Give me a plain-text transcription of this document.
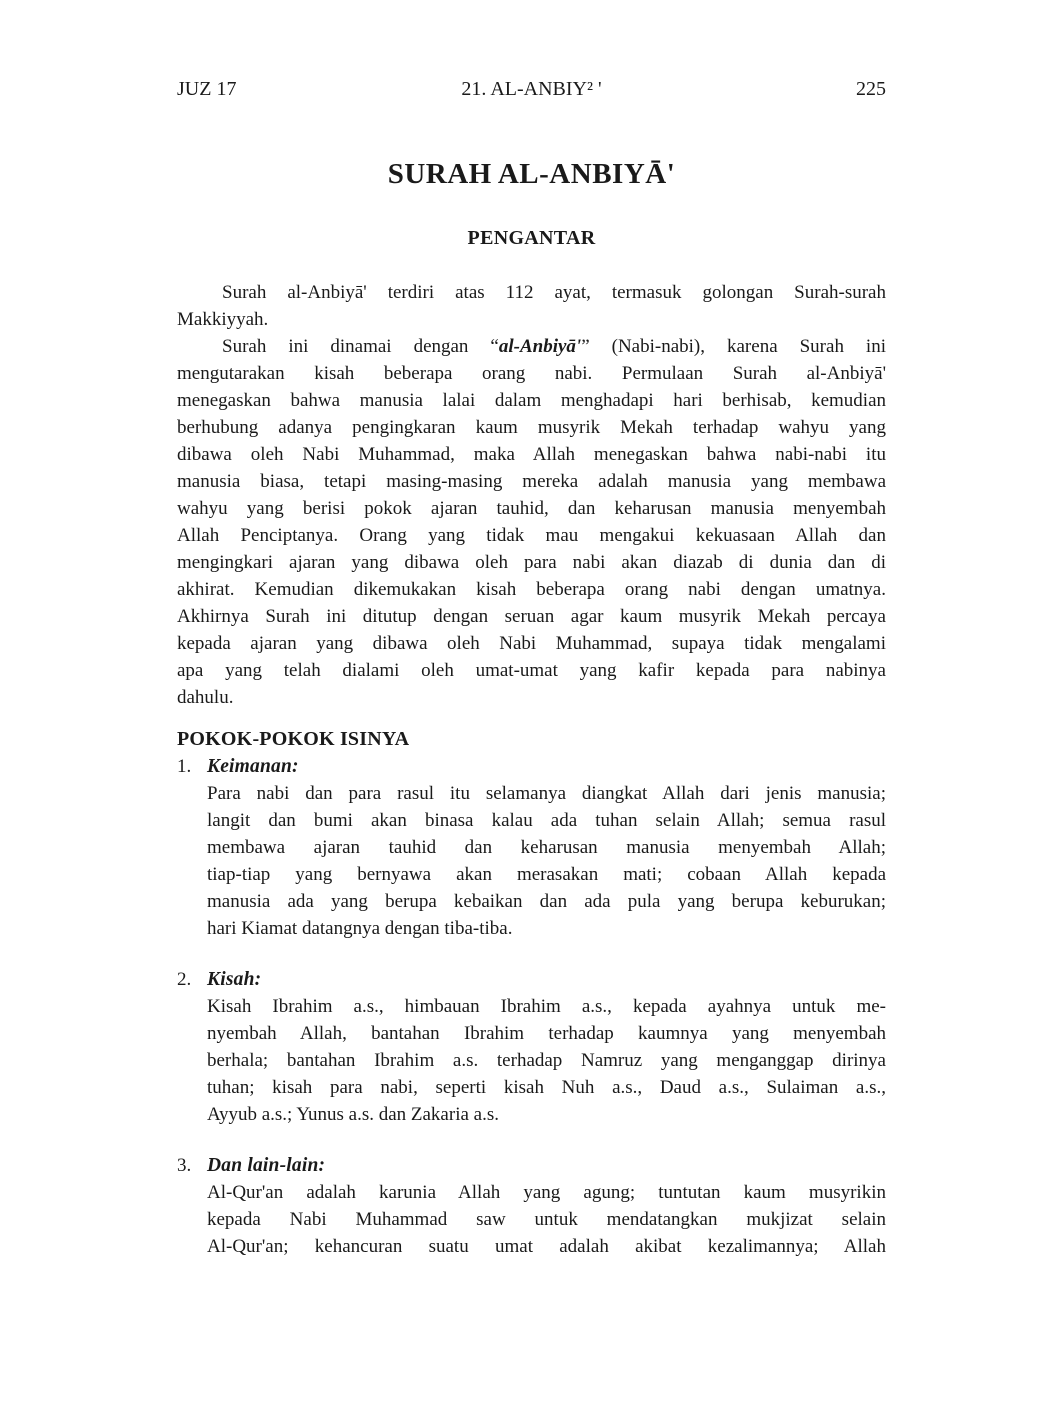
JUZ 17	21. AL-ANBIY² '	225
SURAH AL-ANBIYĀ'
PENGANTAR
Surah al-Anbiyā' terdiri atas 112 ayat, termasuk golongan Surah-surah
Makkiyyah.
Surah ini dinamai dengan “al-Anbiyā'” (Nabi-nabi), karena Surah ini
mengutarakan kisah beberapa orang nabi. Permulaan Surah al-Anbiyā'
menegaskan bahwa manusia lalai dalam menghadapi hari berhisab, kemudian
berhubung adanya pengingkaran kaum musyrik Mekah terhadap wahyu yang
dibawa oleh Nabi Muhammad, maka Allah menegaskan bahwa nabi-nabi itu
manusia biasa, tetapi masing-masing mereka adalah manusia yang membawa
wahyu yang berisi pokok ajaran tauhid, dan keharusan manusia menyembah
Allah Penciptanya. Orang yang tidak mau mengakui kekuasaan Allah dan
mengingkari ajaran yang dibawa oleh para nabi akan diazab di dunia dan di
akhirat. Kemudian dikemukakan kisah beberapa orang nabi dengan umatnya.
Akhirnya Surah ini ditutup dengan seruan agar kaum musyrik Mekah percaya
kepada ajaran yang dibawa oleh Nabi Muhammad, supaya tidak mengalami
apa yang telah dialami oleh umat-umat yang kafir kepada para nabinya
dahulu.
POKOK-POKOK ISINYA
1. Keimanan:
Para nabi dan para rasul itu selamanya diangkat Allah dari jenis manusia;
langit dan bumi akan binasa kalau ada tuhan selain Allah; semua rasul
membawa ajaran tauhid dan keharusan manusia menyembah Allah;
tiap-tiap yang bernyawa akan merasakan mati; cobaan Allah kepada
manusia ada yang berupa kebaikan dan ada pula yang berupa keburukan;
hari Kiamat datangnya dengan tiba-tiba.
2. Kisah:
Kisah Ibrahim a.s., himbauan Ibrahim a.s., kepada ayahnya untuk me-
nyembah Allah, bantahan Ibrahim terhadap kaumnya yang menyembah
berhala; bantahan Ibrahim a.s. terhadap Namruz yang menganggap dirinya
tuhan; kisah para nabi, seperti kisah Nuh a.s., Daud a.s., Sulaiman a.s.,
Ayyub a.s.; Yunus a.s. dan Zakaria a.s.
3. Dan lain-lain:
Al-Qur'an adalah karunia Allah yang agung; tuntutan kaum musyrikin
kepada Nabi Muhammad saw untuk mendatangkan mukjizat selain
Al-Qur'an; kehancuran suatu umat adalah akibat kezalimannya; Allah
